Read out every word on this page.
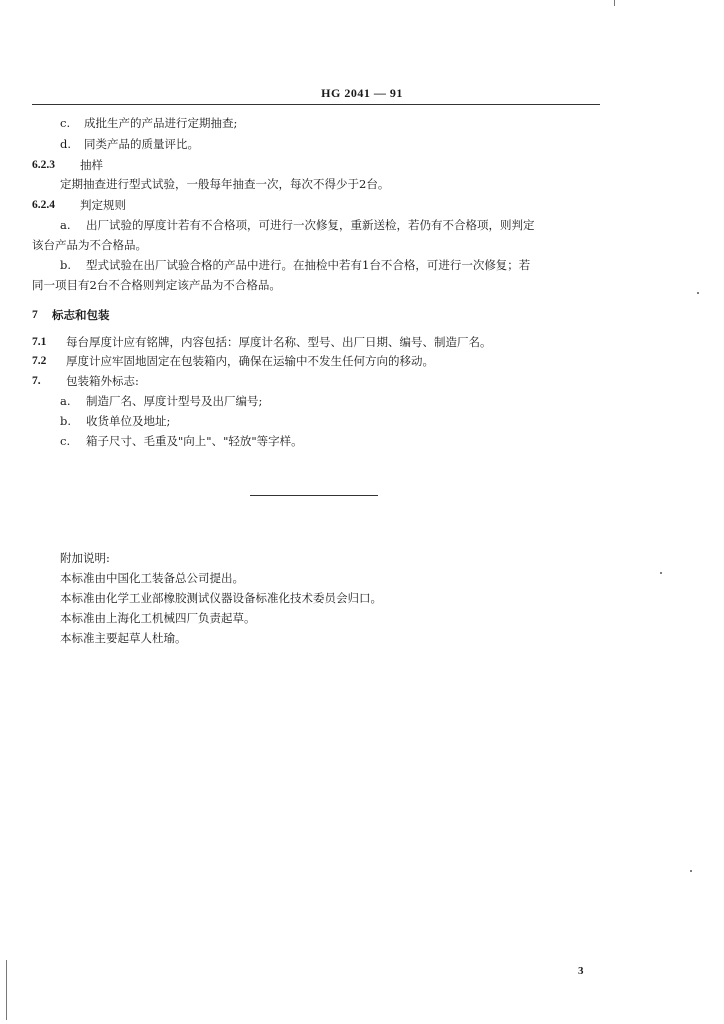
HG 2041 — 91
c. 成批生产的产品进行定期抽查;
d. 同类产品的质量评比。
6.2.3 抽样
定期抽查进行型式试验，一般每年抽查一次，每次不得少于2台。
6.2.4 判定规则
a. 出厂试验的厚度计若有不合格项，可进行一次修复，重新送检，若仍有不合格项，则判定
该台产品为不合格品。
b. 型式试验在出厂试验合格的产品中进行。在抽检中若有1台不合格，可进行一次修复；若
同一项目有2台不合格则判定该产品为不合格品。
7 标志和包装
7.1 每台厚度计应有铭牌，内容包括：厚度计名称、型号、出厂日期、编号、制造厂名。
7.2 厚度计应牢固地固定在包装箱内，确保在运输中不发生任何方向的移动。
7. 包装箱外标志:
a. 制造厂名、厚度计型号及出厂编号;
b. 收货单位及地址;
c. 箱子尺寸、毛重及"向上"、"轻放"等字样。
附加说明:
本标准由中国化工装备总公司提出。
本标准由化学工业部橡胶测试仪器设备标准化技术委员会归口。
本标准由上海化工机械四厂负责起草。
本标准主要起草人杜瑜。
3
